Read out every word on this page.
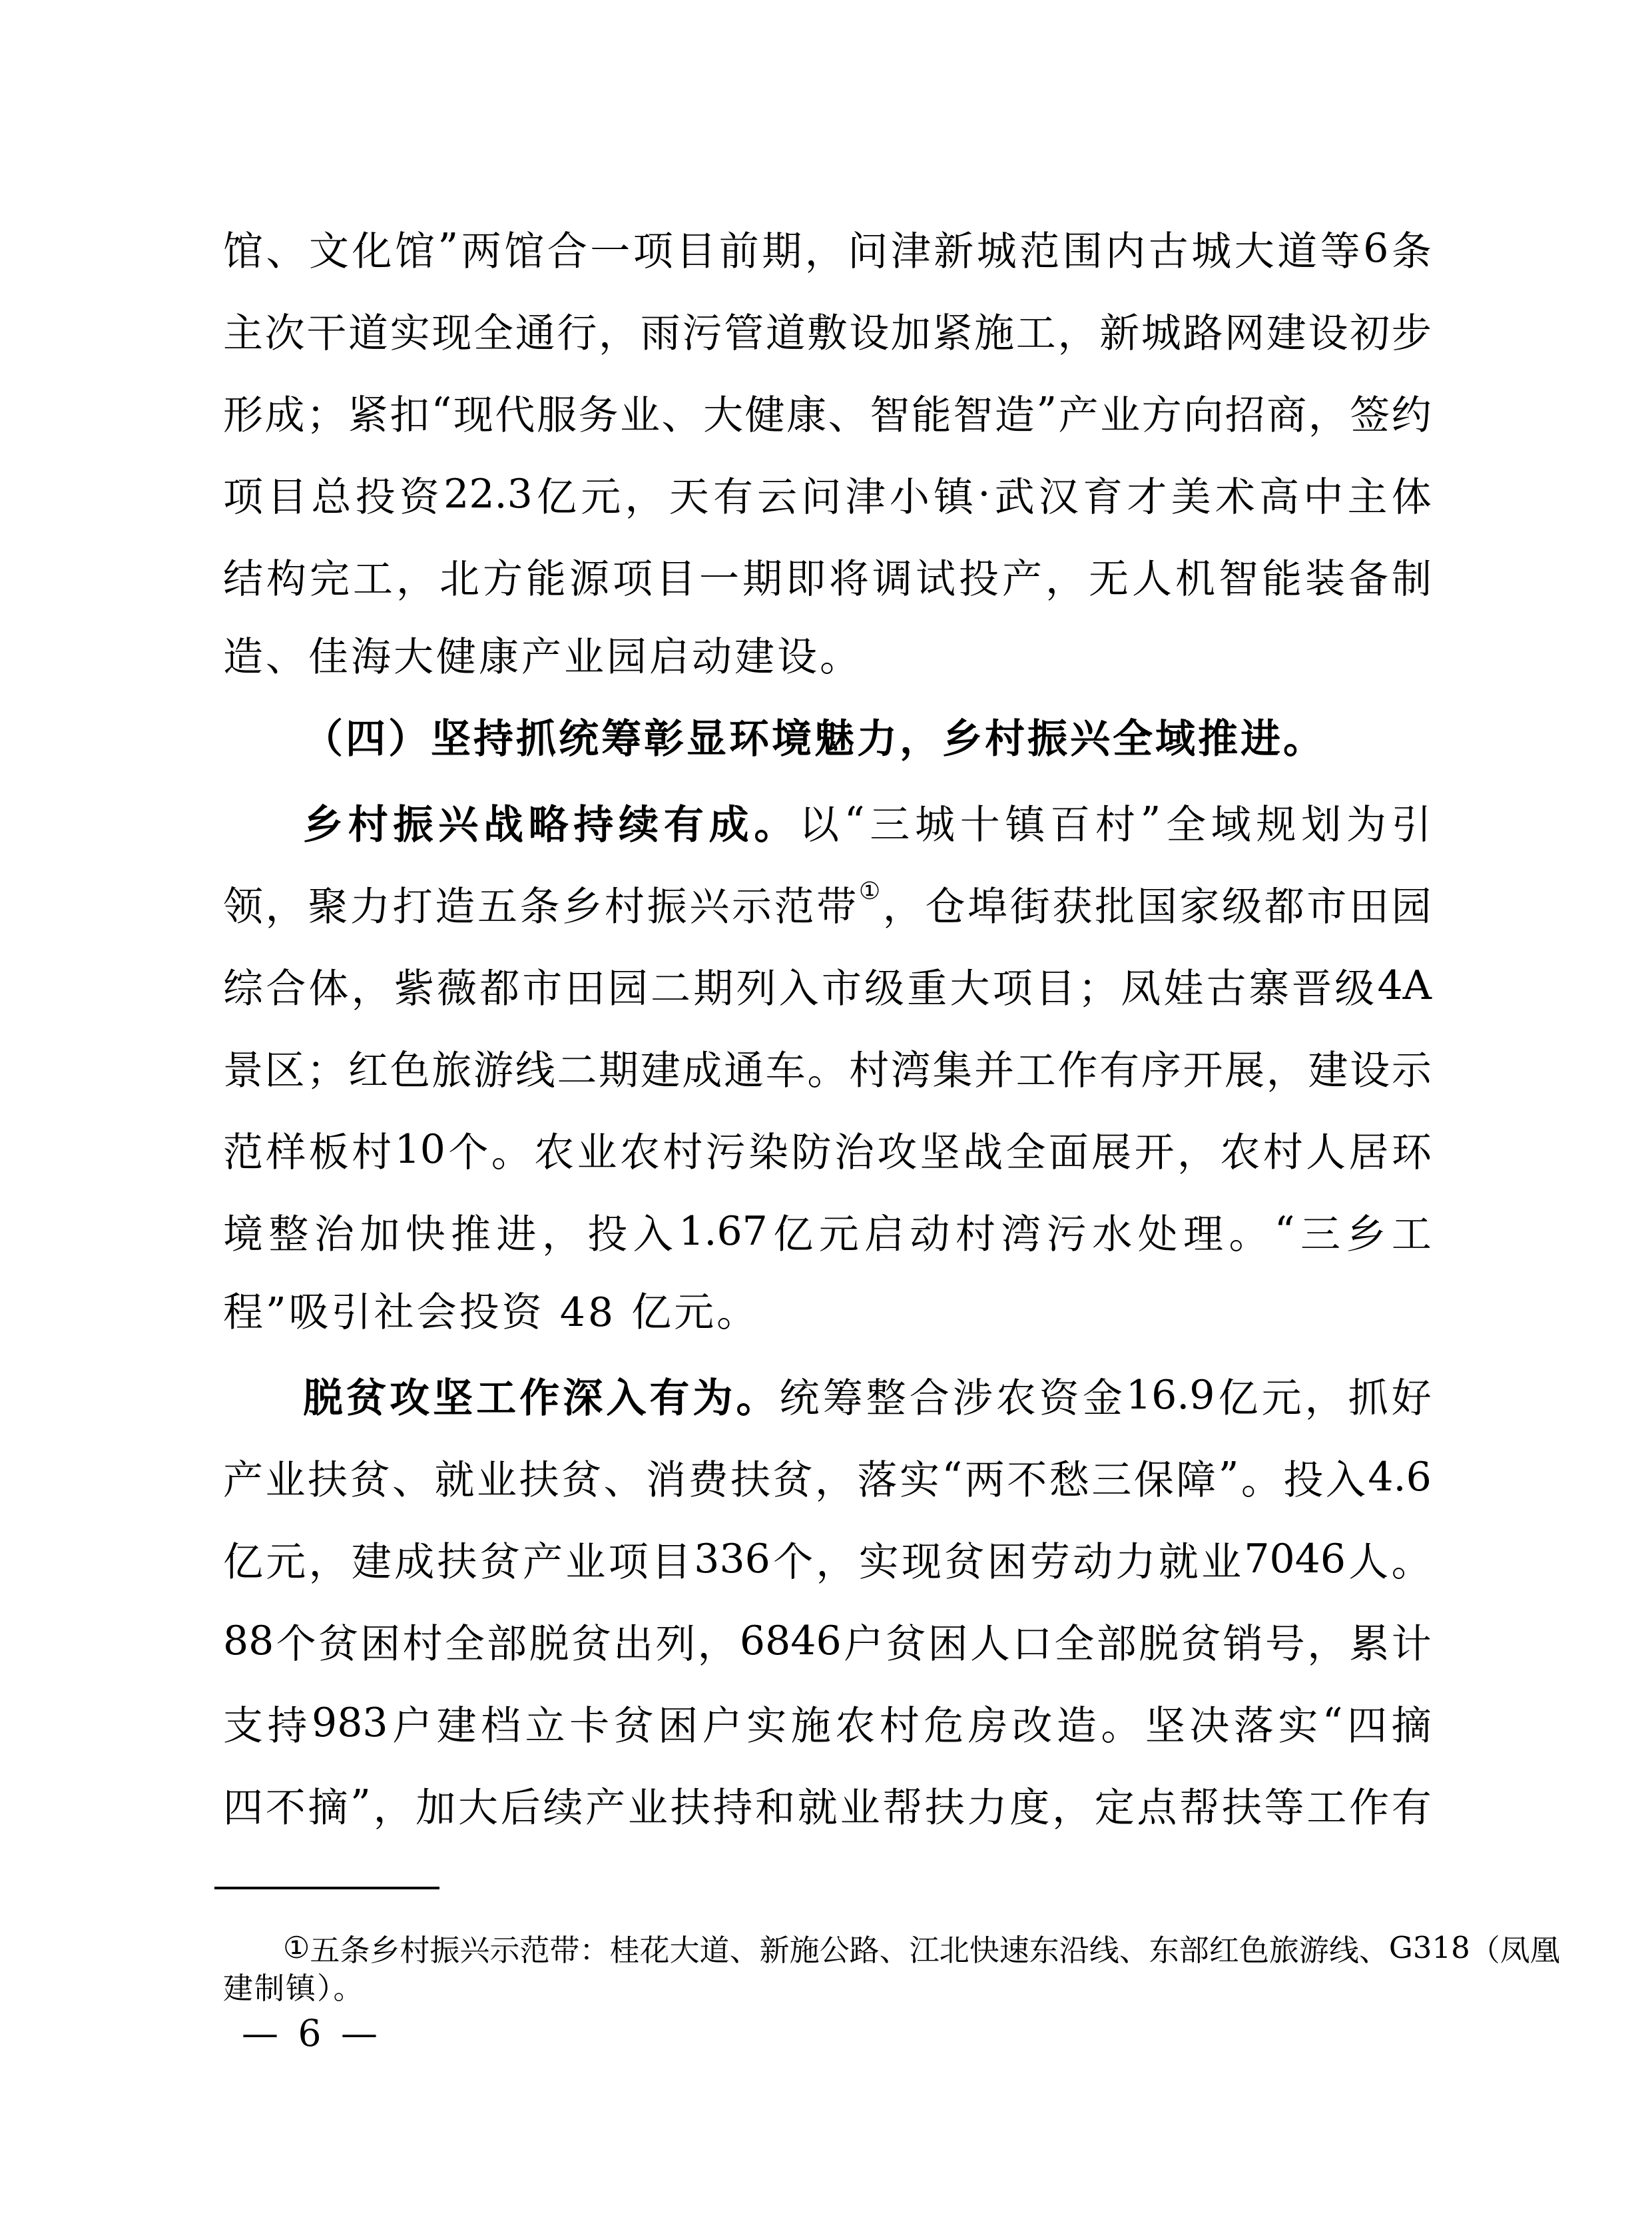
馆 、 文 化 馆 ” 两 馆 合 一 项 目 前 期 ， 问 津 新 城 范 围 内 古 城 大 道 等 6 条
主 次 干 道 实 现 全 通 行 ， 雨 污 管 道 敷 设 加 紧 施 工 ， 新 城 路 网 建 设 初 步
形 成 ； 紧 扣 “ 现 代 服 务 业 、 大 健 康 、 智 能 智 造 ” 产 业 方 向 招 商 ， 签 约
项 目 总 投 资 22.3 亿 元 ， 天 有 云 问 津 小 镇 · 武 汉 育 才 美 术 高 中 主 体
结 构 完 工 ， 北 方 能 源 项 目 一 期 即 将 调 试 投 产 ， 无 人 机 智 能 装 备 制
造、佳海大健康产业园启动建设。
（四）坚持抓统筹彰显环境魅力，乡村振兴全域推进。
乡 村 振 兴 战 略 持 续 有 成 。 以 “ 三 城 十 镇 百 村 ” 全 域 规 划 为 引
领 ， 聚 力 打 造 五 条 乡 村 振 兴 示 范 带 ① ， 仓 埠 街 获 批 国 家 级 都 市 田 园
综 合 体 ， 紫 薇 都 市 田 园 二 期 列 入 市 级 重 大 项 目 ； 凤 娃 古 寨 晋 级 4A
景 区 ； 红 色 旅 游 线 二 期 建 成 通 车 。 村 湾 集 并 工 作 有 序 开 展 ， 建 设 示
范 样 板 村 10 个 。 农 业 农 村 污 染 防 治 攻 坚 战 全 面 展 开 ， 农 村 人 居 环
境 整 治 加 快 推 进 ， 投 入 1.67 亿 元 启 动 村 湾 污 水 处 理 。 “ 三 乡 工
程”吸引社会投资 48 亿元。
脱 贫 攻 坚 工 作 深 入 有 为 。 统 筹 整 合 涉 农 资 金 16.9 亿 元 ， 抓 好
产 业 扶 贫 、 就 业 扶 贫 、 消 费 扶 贫 ， 落 实 “ 两 不 愁 三 保 障 ” 。 投 入 4.6
亿 元 ， 建 成 扶 贫 产 业 项 目 336 个 ， 实 现 贫 困 劳 动 力 就 业 7046 人 。
88 个 贫 困 村 全 部 脱 贫 出 列 ， 6846 户 贫 困 人 口 全 部 脱 贫 销 号 ， 累 计
支 持 983 户 建 档 立 卡 贫 困 户 实 施 农 村 危 房 改 造 。 坚 决 落 实 “ 四 摘
四 不 摘 ” ， 加 大 后 续 产 业 扶 持 和 就 业 帮 扶 力 度 ， 定 点 帮 扶 等 工 作 有
① 五 条 乡 村 振 兴 示 范 带 ： 桂 花 大 道 、 新 施 公 路 、 江 北 快 速 东 沿 线 、 东 部 红 色 旅 游 线 、 G318 （ 凤 凰
建制镇）。
— 6 —
